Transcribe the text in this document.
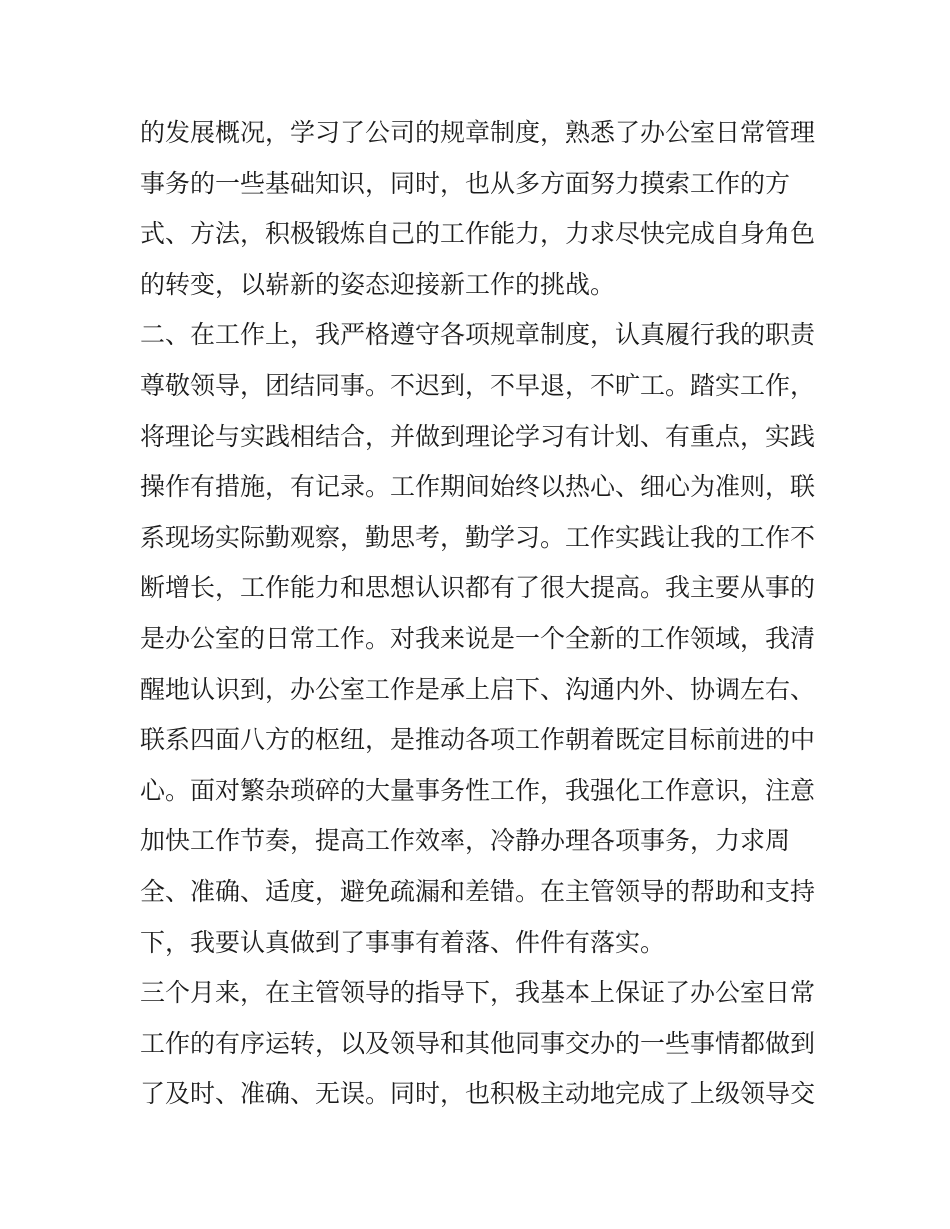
的发展概况，学习了公司的规章制度，熟悉了办公室日常管理
事务的一些基础知识，同时，也从多方面努力摸索工作的方
式、方法，积极锻炼自己的工作能力，力求尽快完成自身角色
的转变，以崭新的姿态迎接新工作的挑战。
二、在工作上，我严格遵守各项规章制度，认真履行我的职责
尊敬领导，团结同事。不迟到，不早退，不旷工。踏实工作，
将理论与实践相结合，并做到理论学习有计划、有重点，实践
操作有措施，有记录。工作期间始终以热心、细心为准则，联
系现场实际勤观察，勤思考，勤学习。工作实践让我的工作不
断增长，工作能力和思想认识都有了很大提高。我主要从事的
是办公室的日常工作。对我来说是一个全新的工作领域，我清
醒地认识到，办公室工作是承上启下、沟通内外、协调左右、
联系四面八方的枢纽，是推动各项工作朝着既定目标前进的中
心。面对繁杂琐碎的大量事务性工作，我强化工作意识，注意
加快工作节奏，提高工作效率，冷静办理各项事务，力求周
全、准确、适度，避免疏漏和差错。在主管领导的帮助和支持
下，我要认真做到了事事有着落、件件有落实。
三个月来，在主管领导的指导下，我基本上保证了办公室日常
工作的有序运转，以及领导和其他同事交办的一些事情都做到
了及时、准确、无误。同时，也积极主动地完成了上级领导交
